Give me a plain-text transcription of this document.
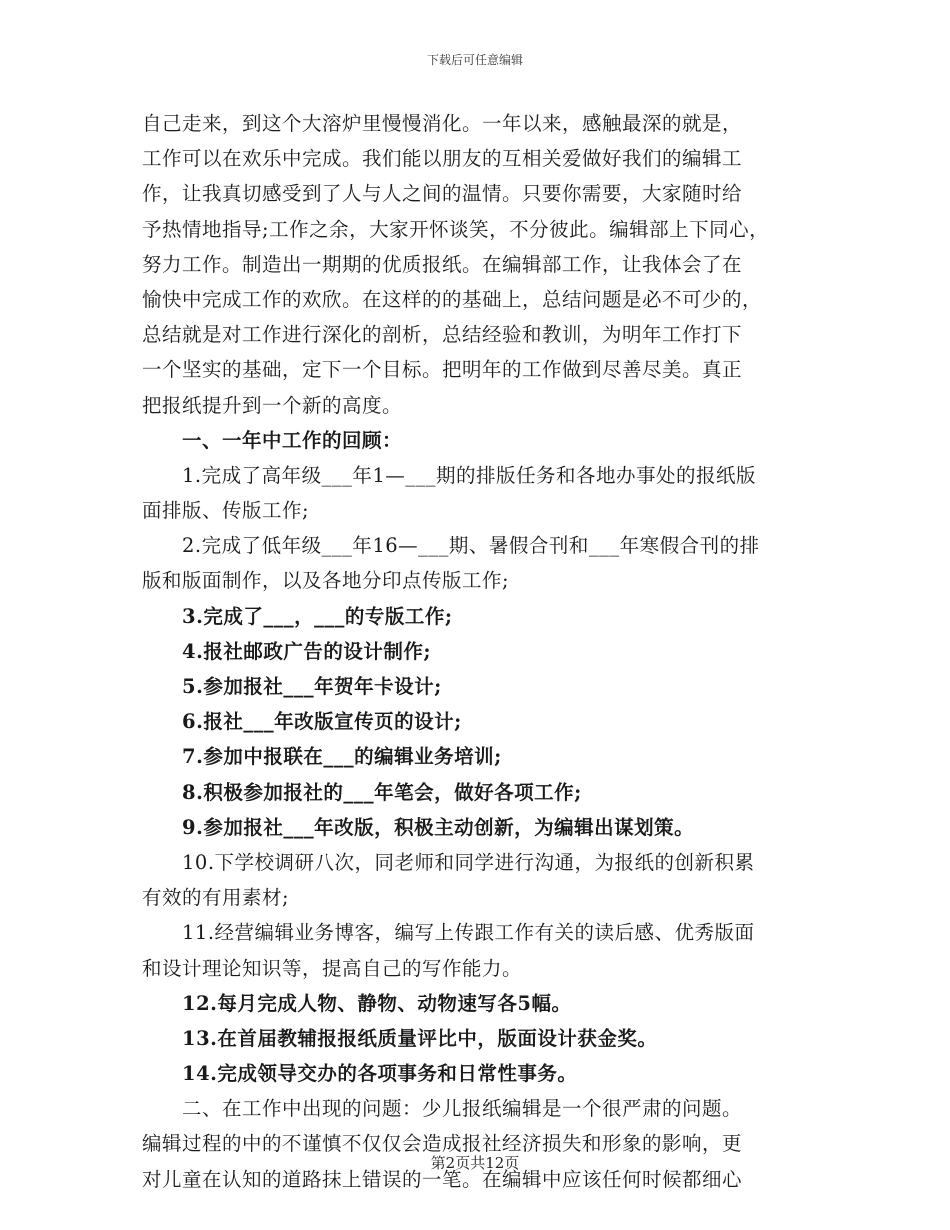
下载后可任意编辑
自己走来，到这个大溶炉里慢慢消化。一年以来，感触最深的就是，
工作可以在欢乐中完成。我们能以朋友的互相关爱做好我们的编辑工
作，让我真切感受到了人与人之间的温情。只要你需要，大家随时给
予热情地指导;工作之余，大家开怀谈笑，不分彼此。编辑部上下同心，
努力工作。制造出一期期的优质报纸。在编辑部工作，让我体会了在
愉快中完成工作的欢欣。在这样的的基础上，总结问题是必不可少的，
总结就是对工作进行深化的剖析，总结经验和教训，为明年工作打下
一个坚实的基础，定下一个目标。把明年的工作做到尽善尽美。真正
把报纸提升到一个新的高度。
一、一年中工作的回顾：
1.完成了高年级___年1—___期的排版任务和各地办事处的报纸版
面排版、传版工作;
2.完成了低年级___年16—___期、暑假合刊和___年寒假合刊的排
版和版面制作，以及各地分印点传版工作;
3.完成了___，___的专版工作;
4.报社邮政广告的设计制作;
5.参加报社___年贺年卡设计;
6.报社___年改版宣传页的设计;
7.参加中报联在___的编辑业务培训;
8.积极参加报社的___年笔会，做好各项工作;
9.参加报社___年改版，积极主动创新，为编辑出谋划策。
10.下学校调研八次，同老师和同学进行沟通，为报纸的创新积累
有效的有用素材;
11.经营编辑业务博客，编写上传跟工作有关的读后感、优秀版面
和设计理论知识等，提高自己的写作能力。
12.每月完成人物、静物、动物速写各5幅。
13.在首届教辅报报纸质量评比中，版面设计获金奖。
14.完成领导交办的各项事务和日常性事务。
二、在工作中出现的问题：少儿报纸编辑是一个很严肃的问题。
编辑过程的中的不谨慎不仅仅会造成报社经济损失和形象的影响，更
对儿童在认知的道路抹上错误的一笔。在编辑中应该任何时候都细心
第2页共12页
